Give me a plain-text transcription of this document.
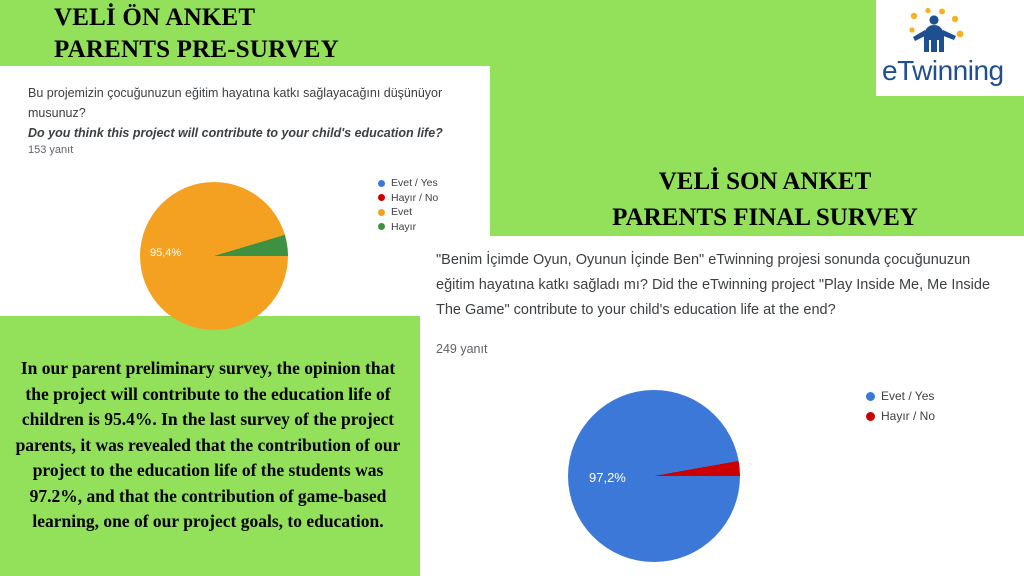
VELİ ÖN ANKET
PARENTS PRE-SURVEY
eTwinning
Bu projemizin çocuğunuzun eğitim hayatına katkı sağlayacağını düşünüyor musunuz?
Do you think this project will contribute to your child's education life?
153 yanıt
95,4%
Evet / Yes
Hayır / No
Evet
Hayır
VELİ SON ANKET
PARENTS FINAL SURVEY
"Benim İçimde Oyun, Oyunun İçinde Ben" eTwinning projesi sonunda çocuğunuzun eğitim hayatına katkı sağladı mı? Did the eTwinning project "Play Inside Me, Me Inside The Game" contribute to your child's education life at the end?
249 yanıt
97,2%
Evet / Yes
Hayır / No
In our parent preliminary survey, the opinion that the project will contribute to the education life of children is 95.4%. In the last survey of the project parents, it was revealed that the contribution of our project to the education life of the students was 97.2%, and that the contribution of game-based learning, one of our project goals, to education.
